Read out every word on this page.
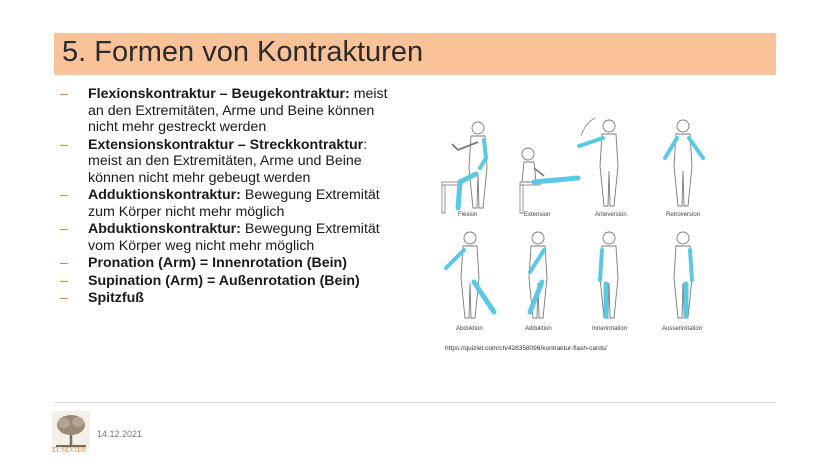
5. Formen von Kontrakturen
– Flexionskontraktur – Beugekontraktur: meist an den Extremitäten, Arme und Beine können nicht mehr gestreckt werden
– Extensionskontraktur – Streckkontraktur: meist an den Extremitäten, Arme und Beine können nicht mehr gebeugt werden
– Adduktionskontraktur: Bewegung Extremität zum Körper nicht mehr möglich
– Abduktionskontraktur: Bewegung Extremität vom Körper weg nicht mehr möglich
– Pronation (Arm) = Innenrotation (Bein)
– Supination (Arm) = Außenrotation (Bein)
– Spitzfuß
Flexion	Extension	Anteversion	Retroversion
Abduktion	Adduktion	Innenrotation	Aussenrotation
https://quizlet.com/ch/428358096/kontraktur-flash-cards/
ELSEVIER
14.12.2021
